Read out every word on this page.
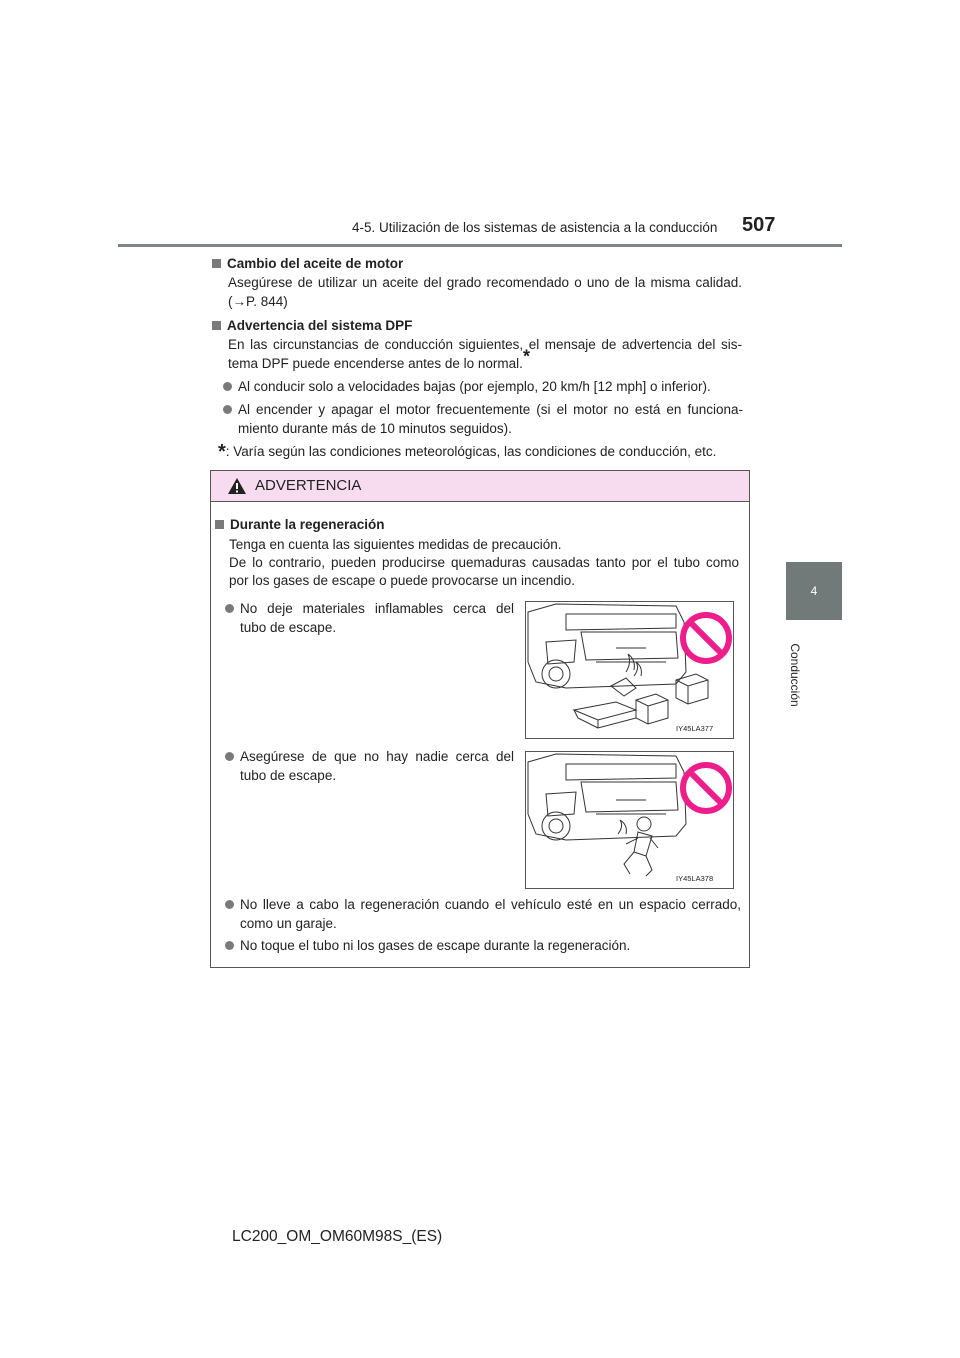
4-5. Utilización de los sistemas de asistencia a la conducción 507
4
Conducción
Cambio del aceite de motor
Asegúrese de utilizar un aceite del grado recomendado o uno de la misma calidad.
(→P. 844)
Advertencia del sistema DPF
En las circunstancias de conducción siguientes, el mensaje de advertencia del sis-
tema DPF puede encenderse antes de lo normal.*
Al conducir solo a velocidades bajas (por ejemplo, 20 km/h [12 mph] o inferior).
Al encender y apagar el motor frecuentemente (si el motor no está en funciona-
miento durante más de 10 minutos seguidos).
*: Varía según las condiciones meteorológicas, las condiciones de conducción, etc.
ADVERTENCIA
Durante la regeneración
Tenga en cuenta las siguientes medidas de precaución.
De lo contrario, pueden producirse quemaduras causadas tanto por el tubo como
por los gases de escape o puede provocarse un incendio.
No deje materiales inflamables cerca del
tubo de escape.
IY45LA377
Asegúrese de que no hay nadie cerca del
tubo de escape.
IY45LA378
No lleve a cabo la regeneración cuando el vehículo esté en un espacio cerrado,
como un garaje.
No toque el tubo ni los gases de escape durante la regeneración.
LC200_OM_OM60M98S_(ES)
